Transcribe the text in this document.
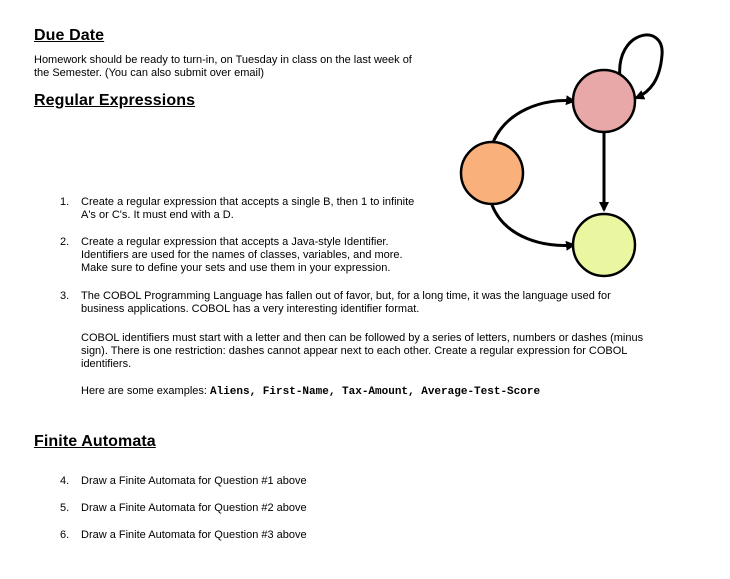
Due Date

Homework should be ready to turn-in, on Tuesday in class on the last week of

the Semester. (You can also submit over email)

Regular Expressions
1. Create a regular expression that accepts a single B, then 1 to infinite

A's or C's. It must end with a D.

2. Create a regular expression that accepts a Java-style Identifier.

Identifiers are used for the names of classes, variables, and more.

Make sure to define your sets and use them in your expression.

3. The COBOL Programming Language has fallen out of favor, but, for a long time, it was the language used for

business applications. COBOL has a very interesting identifier format.

COBOL identifiers must start with a letter and then can be followed by a series of letters, numbers or dashes (minus

sign). There is one restriction: dashes cannot appear next to each other. Create a regular expression for COBOL

identifiers.

Here are some examples: Aliens, First-Name, Tax-Amount, Average-Test-Score

Finite Automata
4. Draw a Finite Automata for Question #1 above

5. Draw a Finite Automata for Question #2 above

6. Draw a Finite Automata for Question #3 above
